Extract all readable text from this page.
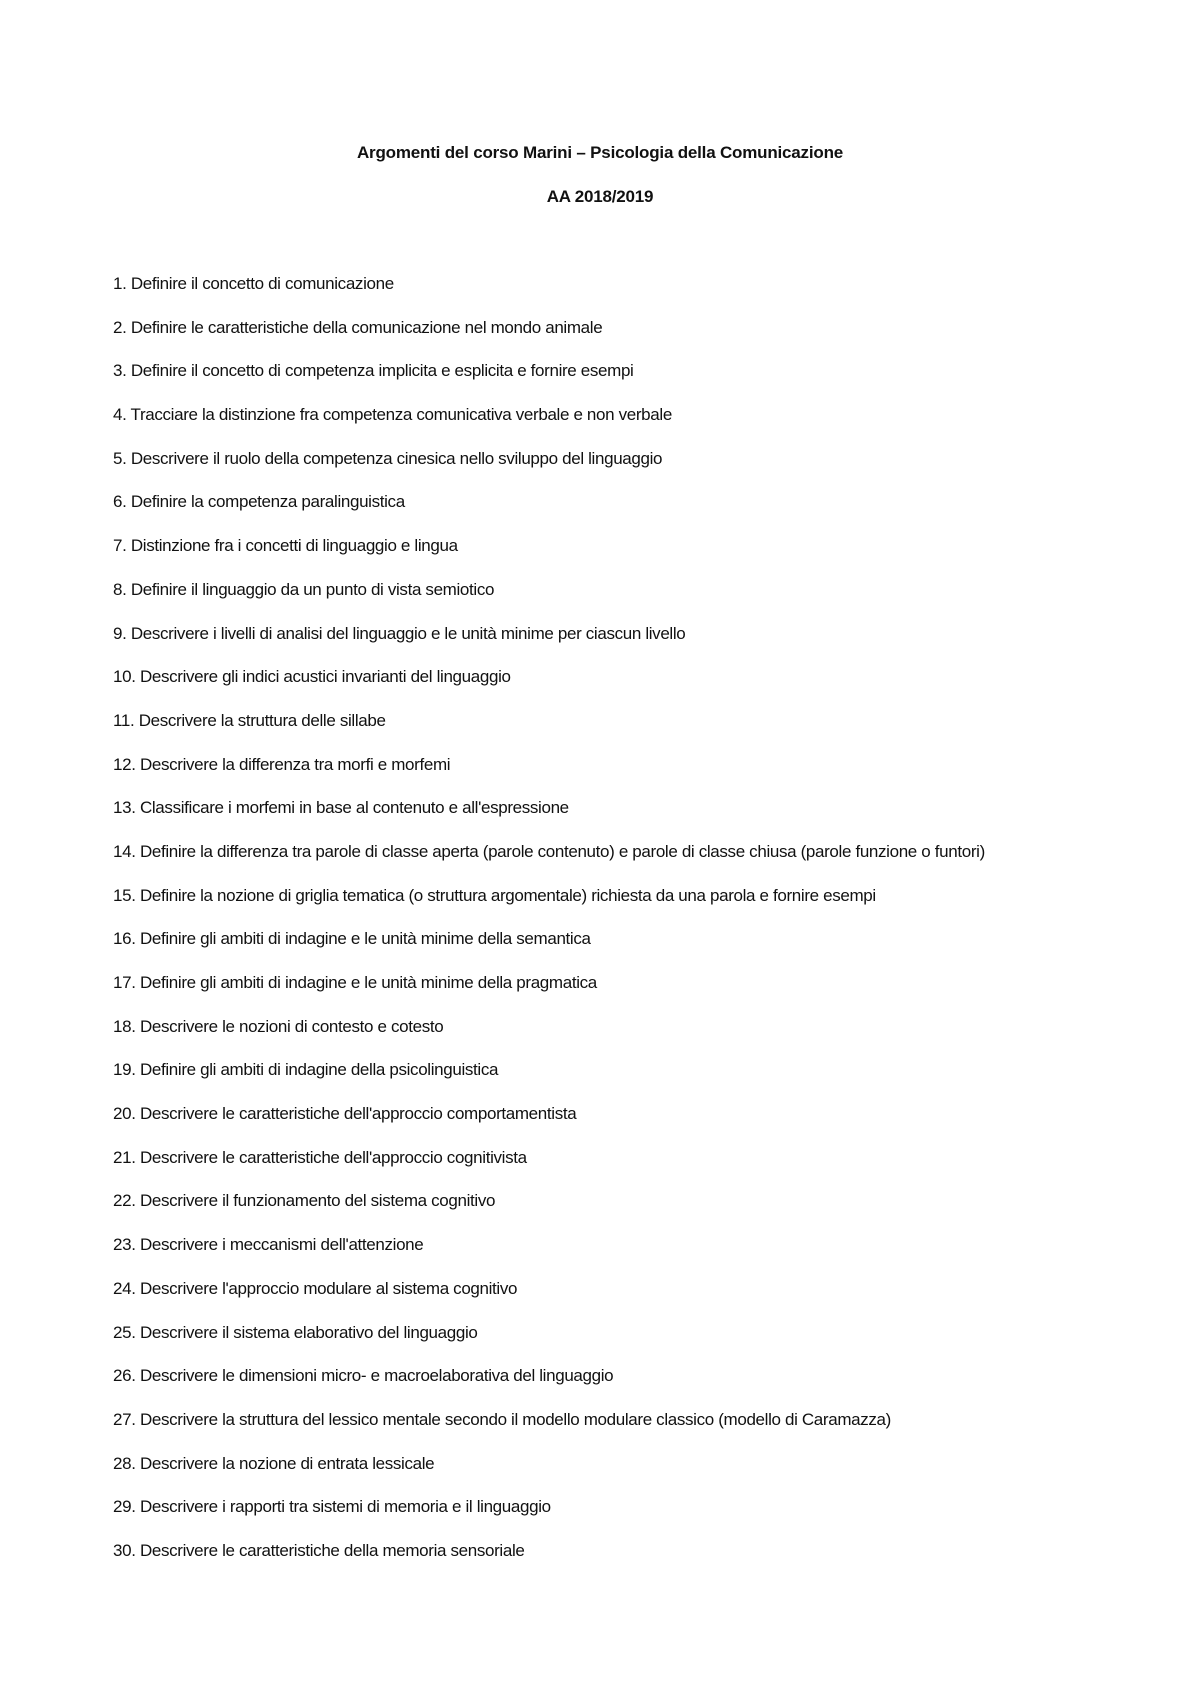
Argomenti del corso Marini – Psicologia della Comunicazione

AA 2018/2019

1. Definire il concetto di comunicazione
2. Definire le caratteristiche della comunicazione nel mondo animale
3. Definire il concetto di competenza implicita e esplicita e fornire esempi
4. Tracciare la distinzione fra competenza comunicativa verbale e non verbale
5. Descrivere il ruolo della competenza cinesica nello sviluppo del linguaggio
6. Definire la competenza paralinguistica
7. Distinzione fra i concetti di linguaggio e lingua
8. Definire il linguaggio da un punto di vista semiotico
9. Descrivere i livelli di analisi del linguaggio e le unità minime per ciascun livello
10. Descrivere gli indici acustici invarianti del linguaggio
11. Descrivere la struttura delle sillabe
12. Descrivere la differenza tra morfi e morfemi
13. Classificare i morfemi in base al contenuto e all'espressione
14. Definire la differenza tra parole di classe aperta (parole contenuto) e parole di classe chiusa (parole funzione o funtori)
15. Definire la nozione di griglia tematica (o struttura argomentale) richiesta da una parola e fornire esempi
16. Definire gli ambiti di indagine e le unità minime della semantica
17. Definire gli ambiti di indagine e le unità minime della pragmatica
18. Descrivere le nozioni di contesto e cotesto
19. Definire gli ambiti di indagine della psicolinguistica
20. Descrivere le caratteristiche dell'approccio comportamentista
21. Descrivere le caratteristiche dell'approccio cognitivista
22. Descrivere il funzionamento del sistema cognitivo
23. Descrivere i meccanismi dell'attenzione
24. Descrivere l'approccio modulare al sistema cognitivo
25. Descrivere il sistema elaborativo del linguaggio
26. Descrivere le dimensioni micro- e macroelaborativa del linguaggio
27. Descrivere la struttura del lessico mentale secondo il modello modulare classico (modello di Caramazza)
28. Descrivere la nozione di entrata lessicale
29. Descrivere i rapporti tra sistemi di memoria e il linguaggio
30. Descrivere le caratteristiche della memoria sensoriale
